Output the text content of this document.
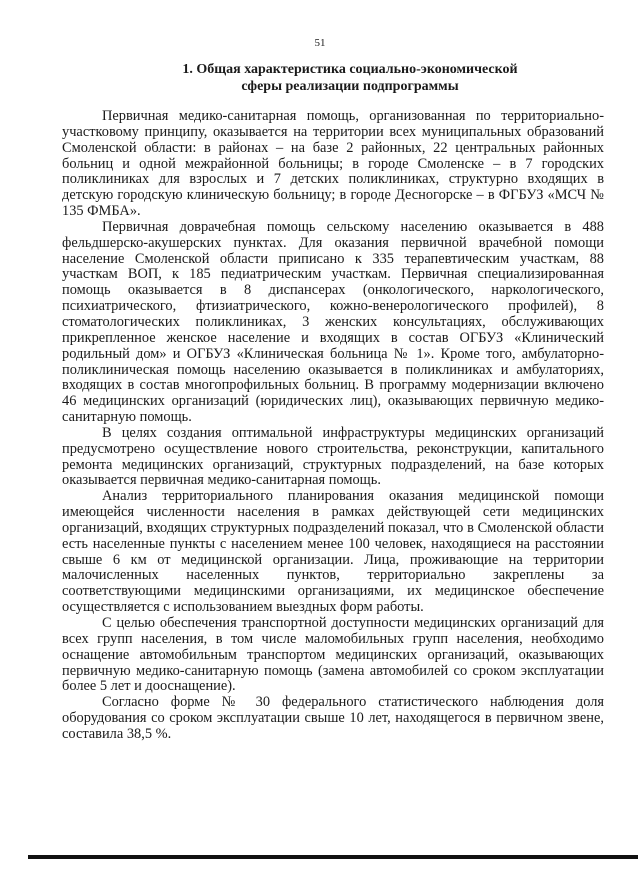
51
1. Общая характеристика социально-экономической
сферы реализации подпрограммы

Первичная медико-санитарная помощь, организованная по территориально-участковому принципу, оказывается на территории всех муниципальных образований Смоленской области: в районах – на базе 2 районных, 22 центральных районных больниц и одной межрайонной больницы; в городе Смоленске – в 7 городских поликлиниках для взрослых и 7 детских поликлиниках, структурно входящих в детскую городскую клиническую больницу; в городе Десногорске – в ФГБУЗ «МСЧ № 135 ФМБА».

Первичная доврачебная помощь сельскому населению оказывается в 488 фельдшерско-акушерских пунктах. Для оказания первичной врачебной помощи население Смоленской области приписано к 335 терапевтическим участкам, 88 участкам ВОП, к 185 педиатрическим участкам. Первичная специализированная помощь оказывается в 8 диспансерах (онкологического, наркологического, психиатрического, фтизиатрического, кожно-венерологического профилей), 8 стоматологических поликлиниках, 3 женских консультациях, обслуживающих прикрепленное женское население и входящих в состав ОГБУЗ «Клинический родильный дом» и ОГБУЗ «Клиническая больница № 1». Кроме того, амбулаторно-поликлиническая помощь населению оказывается в поликлиниках и амбулаториях, входящих в состав многопрофильных больниц. В программу модернизации включено 46 медицинских организаций (юридических лиц), оказывающих первичную медико-санитарную помощь.

В целях создания оптимальной инфраструктуры медицинских организаций предусмотрено осуществление нового строительства, реконструкции, капитального ремонта медицинских организаций, структурных подразделений, на базе которых оказывается первичная медико-санитарная помощь.

Анализ территориального планирования оказания медицинской помощи имеющейся численности населения в рамках действующей сети медицинских организаций, входящих структурных подразделений показал, что в Смоленской области есть населенные пункты с населением менее 100 человек, находящиеся на расстоянии свыше 6 км от медицинской организации. Лица, проживающие на территории малочисленных населенных пунктов, территориально закреплены за соответствующими медицинскими организациями, их медицинское обеспечение осуществляется с использованием выездных форм работы.

С целью обеспечения транспортной доступности медицинских организаций для всех групп населения, в том числе маломобильных групп населения, необходимо оснащение автомобильным транспортом медицинских организаций, оказывающих первичную медико-санитарную помощь (замена автомобилей со сроком эксплуатации более 5 лет и дооснащение).

Согласно форме № 30 федерального статистического наблюдения доля оборудования со сроком эксплуатации свыше 10 лет, находящегося в первичном звене, составила 38,5 %.
